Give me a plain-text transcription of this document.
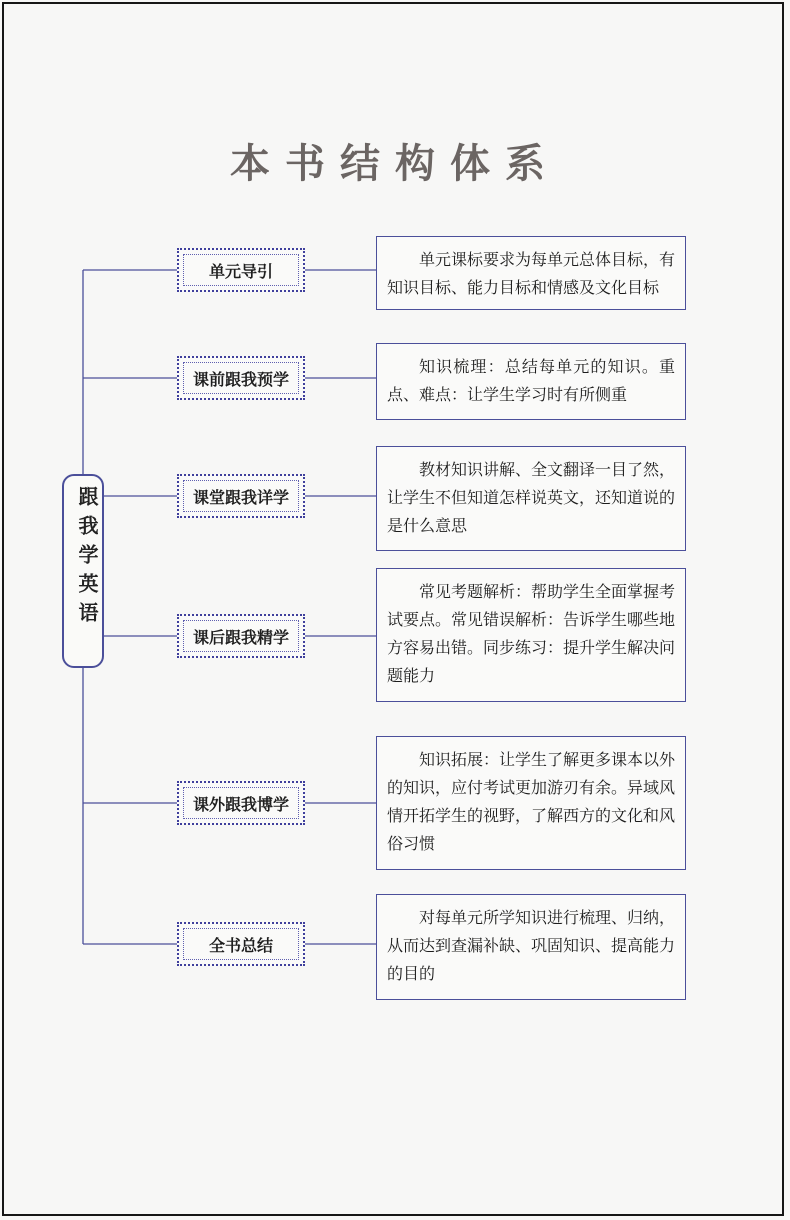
本书结构体系
跟我学英语
单元导引
课前跟我预学
课堂跟我详学
课后跟我精学
课外跟我博学
全书总结
单元课标要求为每单元总体目标，有知识目标、能力目标和情感及文化目标
知识梳理：总结每单元的知识。重点、难点：让学生学习时有所侧重
教材知识讲解、全文翻译一目了然，让学生不但知道怎样说英文，还知道说的是什么意思
常见考题解析：帮助学生全面掌握考试要点。常见错误解析：告诉学生哪些地方容易出错。同步练习：提升学生解决问题能力
知识拓展：让学生了解更多课本以外的知识，应付考试更加游刃有余。异域风情开拓学生的视野，了解西方的文化和风俗习惯
对每单元所学知识进行梳理、归纳，从而达到查漏补缺、巩固知识、提高能力的目的
